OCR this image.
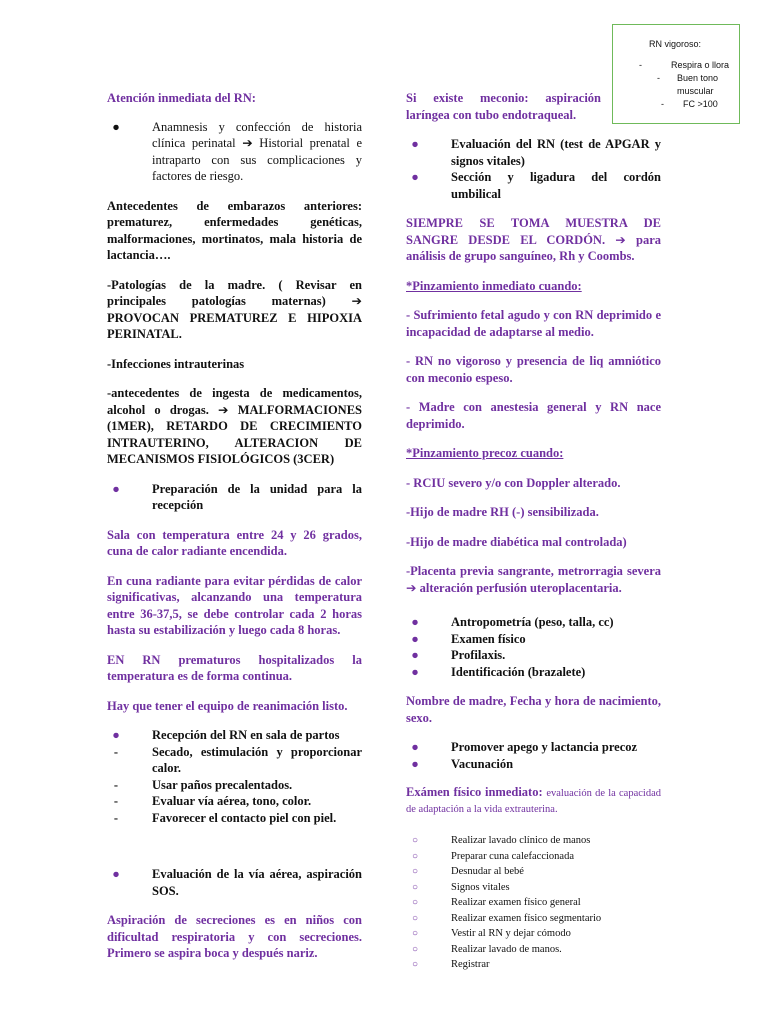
RN vigoroso:
-	Respira o llora
- Buen tono muscular
- FC >100

Atención inmediata del RN:

●	Anamnesis y confección de historia clínica perinatal ➔ Historial prenatal e intraparto con sus complicaciones y factores de riesgo.

Antecedentes de embarazos anteriores: prematurez, enfermedades genéticas, malformaciones, mortinatos, mala historia de lactancia….

-Patologías de la madre. ( Revisar en principales patologías maternas) ➔ PROVOCAN PREMATUREZ E HIPOXIA PERINATAL.

-Infecciones intrauterinas

-antecedentes de ingesta de medicamentos, alcohol o drogas. ➔ MALFORMACIONES (1MER), RETARDO DE CRECIMIENTO INTRAUTERINO, ALTERACION DE MECANISMOS FISIOLÓGICOS (3CER)

●	Preparación de la unidad para la recepción

Sala con temperatura entre 24 y 26 grados, cuna de calor radiante encendida.

En cuna radiante para evitar pérdidas de calor significativas, alcanzando una temperatura entre 36-37,5, se debe controlar cada 2 horas hasta su estabilización y luego cada 8 horas.

EN RN prematuros hospitalizados la temperatura es de forma continua.

Hay que tener el equipo de reanimación listo.

●	Recepción del RN en sala de partos
-	Secado, estimulación y proporcionar calor.
-	Usar paños precalentados.
-	Evaluar vía aérea, tono, color.
-	Favorecer el contacto piel con piel.
●	Evaluación de la vía aérea, aspiración SOS.

Aspiración de secreciones es en niños con dificultad respiratoria y con secreciones. Primero se aspira boca y después nariz.

Si existe meconio: aspiración laríngea con tubo endotraqueal.

●	Evaluación del RN (test de APGAR y signos vitales)
●	Sección y ligadura del cordón umbilical

SIEMPRE SE TOMA MUESTRA DE SANGRE DESDE EL CORDÓN. ➔ para análisis de grupo sanguíneo, Rh y Coombs.

*Pinzamiento inmediato cuando:

- Sufrimiento fetal agudo y con RN deprimido e incapacidad de adaptarse al medio.

- RN no vigoroso y presencia de liq amniótico con meconio espeso.

- Madre con anestesia general y RN nace deprimido.

*Pinzamiento precoz cuando:

- RCIU severo y/o con Doppler alterado.

-Hijo de madre RH (-) sensibilizada.

-Hijo de madre diabética mal controlada)

-Placenta previa sangrante, metrorragia severa ➔ alteración perfusión uteroplacentaria.

●	Antropometría (peso, talla, cc)
●	Examen físico
●	Profilaxis.
●	Identificación (brazalete)

Nombre de madre, Fecha y hora de nacimiento, sexo.

●	Promover apego y lactancia precoz
●	Vacunación

Exámen físico inmediato: evaluación de la capacidad de adaptación a la vida extrauterina.

○	Realizar lavado clínico de manos
○	Preparar cuna calefaccionada
○	Desnudar al bebé
○	Signos vitales
○	Realizar examen físico general
○	Realizar examen físico segmentario
○	Vestir al RN y dejar cómodo
○	Realizar lavado de manos.
○	Registrar
